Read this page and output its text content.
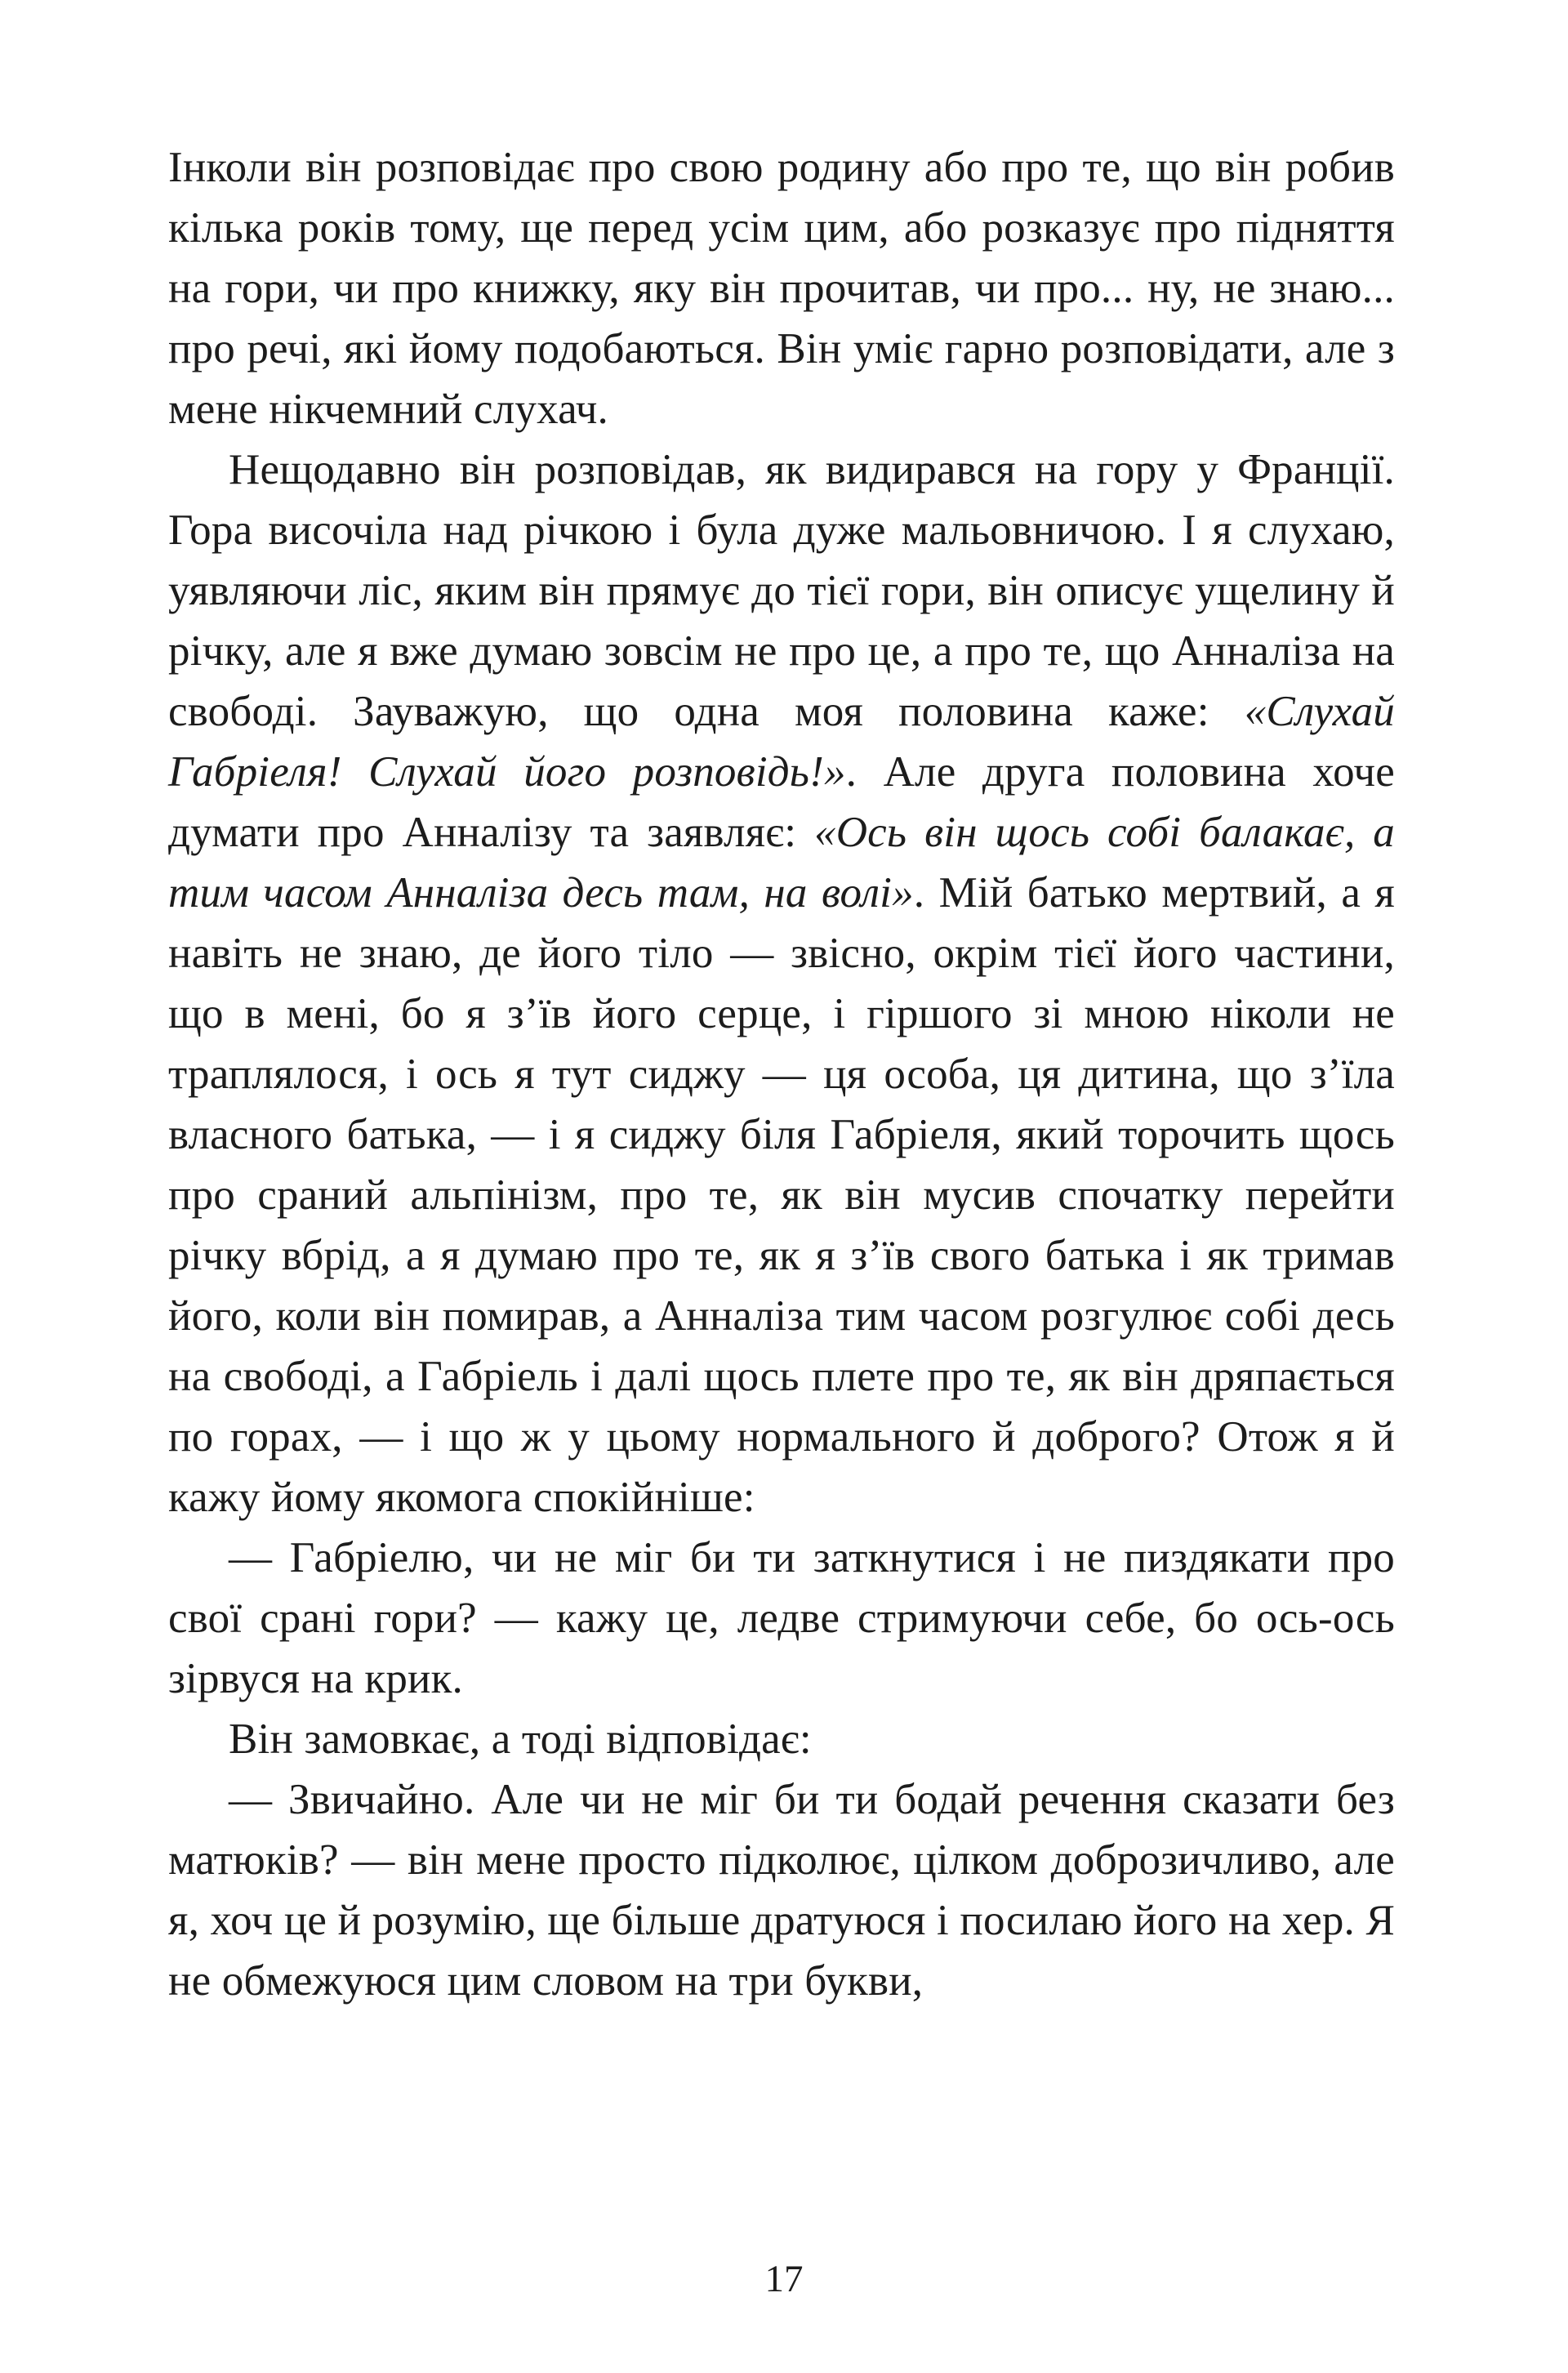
Інколи він розповідає про свою родину або про те, що він робив кілька років тому, ще перед усім цим, або розказує про підняття на гори, чи про книжку, яку він прочитав, чи про... ну, не знаю... про речі, які йому подобаються. Він уміє гарно розповідати, але з мене нікчемний слухач.

Нещодавно він розповідав, як видирався на гору у Франції. Гора височіла над річкою і була дуже мальовничою. І я слухаю, уявляючи ліс, яким він прямує до тієї гори, він описує ущелину й річку, але я вже думаю зовсім не про це, а про те, що Анналіза на свободі. Зауважую, що одна моя половина каже: «Слухай Габріеля! Слухай його розповідь!». Але друга половина хоче думати про Анналізу та заявляє: «Ось він щось собі балакає, а тим часом Анналіза десь там, на волі». Мій батько мертвий, а я навіть не знаю, де його тіло — звісно, окрім тієї його частини, що в мені, бо я з’їв його серце, і гіршого зі мною ніколи не траплялося, і ось я тут сиджу — ця особа, ця дитина, що з’їла власного батька, — і я сиджу біля Габріеля, який торочить щось про сраний альпінізм, про те, як він мусив спочатку перейти річку вбрід, а я думаю про те, як я з’їв свого батька і як тримав його, коли він помирав, а Анналіза тим часом розгулює собі десь на свободі, а Габріель і далі щось плете про те, як він дряпається по горах, — і що ж у цьому нормального й доброго? Отож я й кажу йому якомога спокійніше:

— Габріелю, чи не міг би ти заткнутися і не пиздякати про свої срані гори? — кажу це, ледве стримуючи себе, бо ось-ось зірвуся на крик.

Він замовкає, а тоді відповідає:

— Звичайно. Але чи не міг би ти бодай речення сказати без матюків? — він мене просто підколює, цілком доброзичливо, але я, хоч це й розумію, ще більше дратуюся і посилаю його на хер. Я не обмежуюся цим словом на три букви,

17
